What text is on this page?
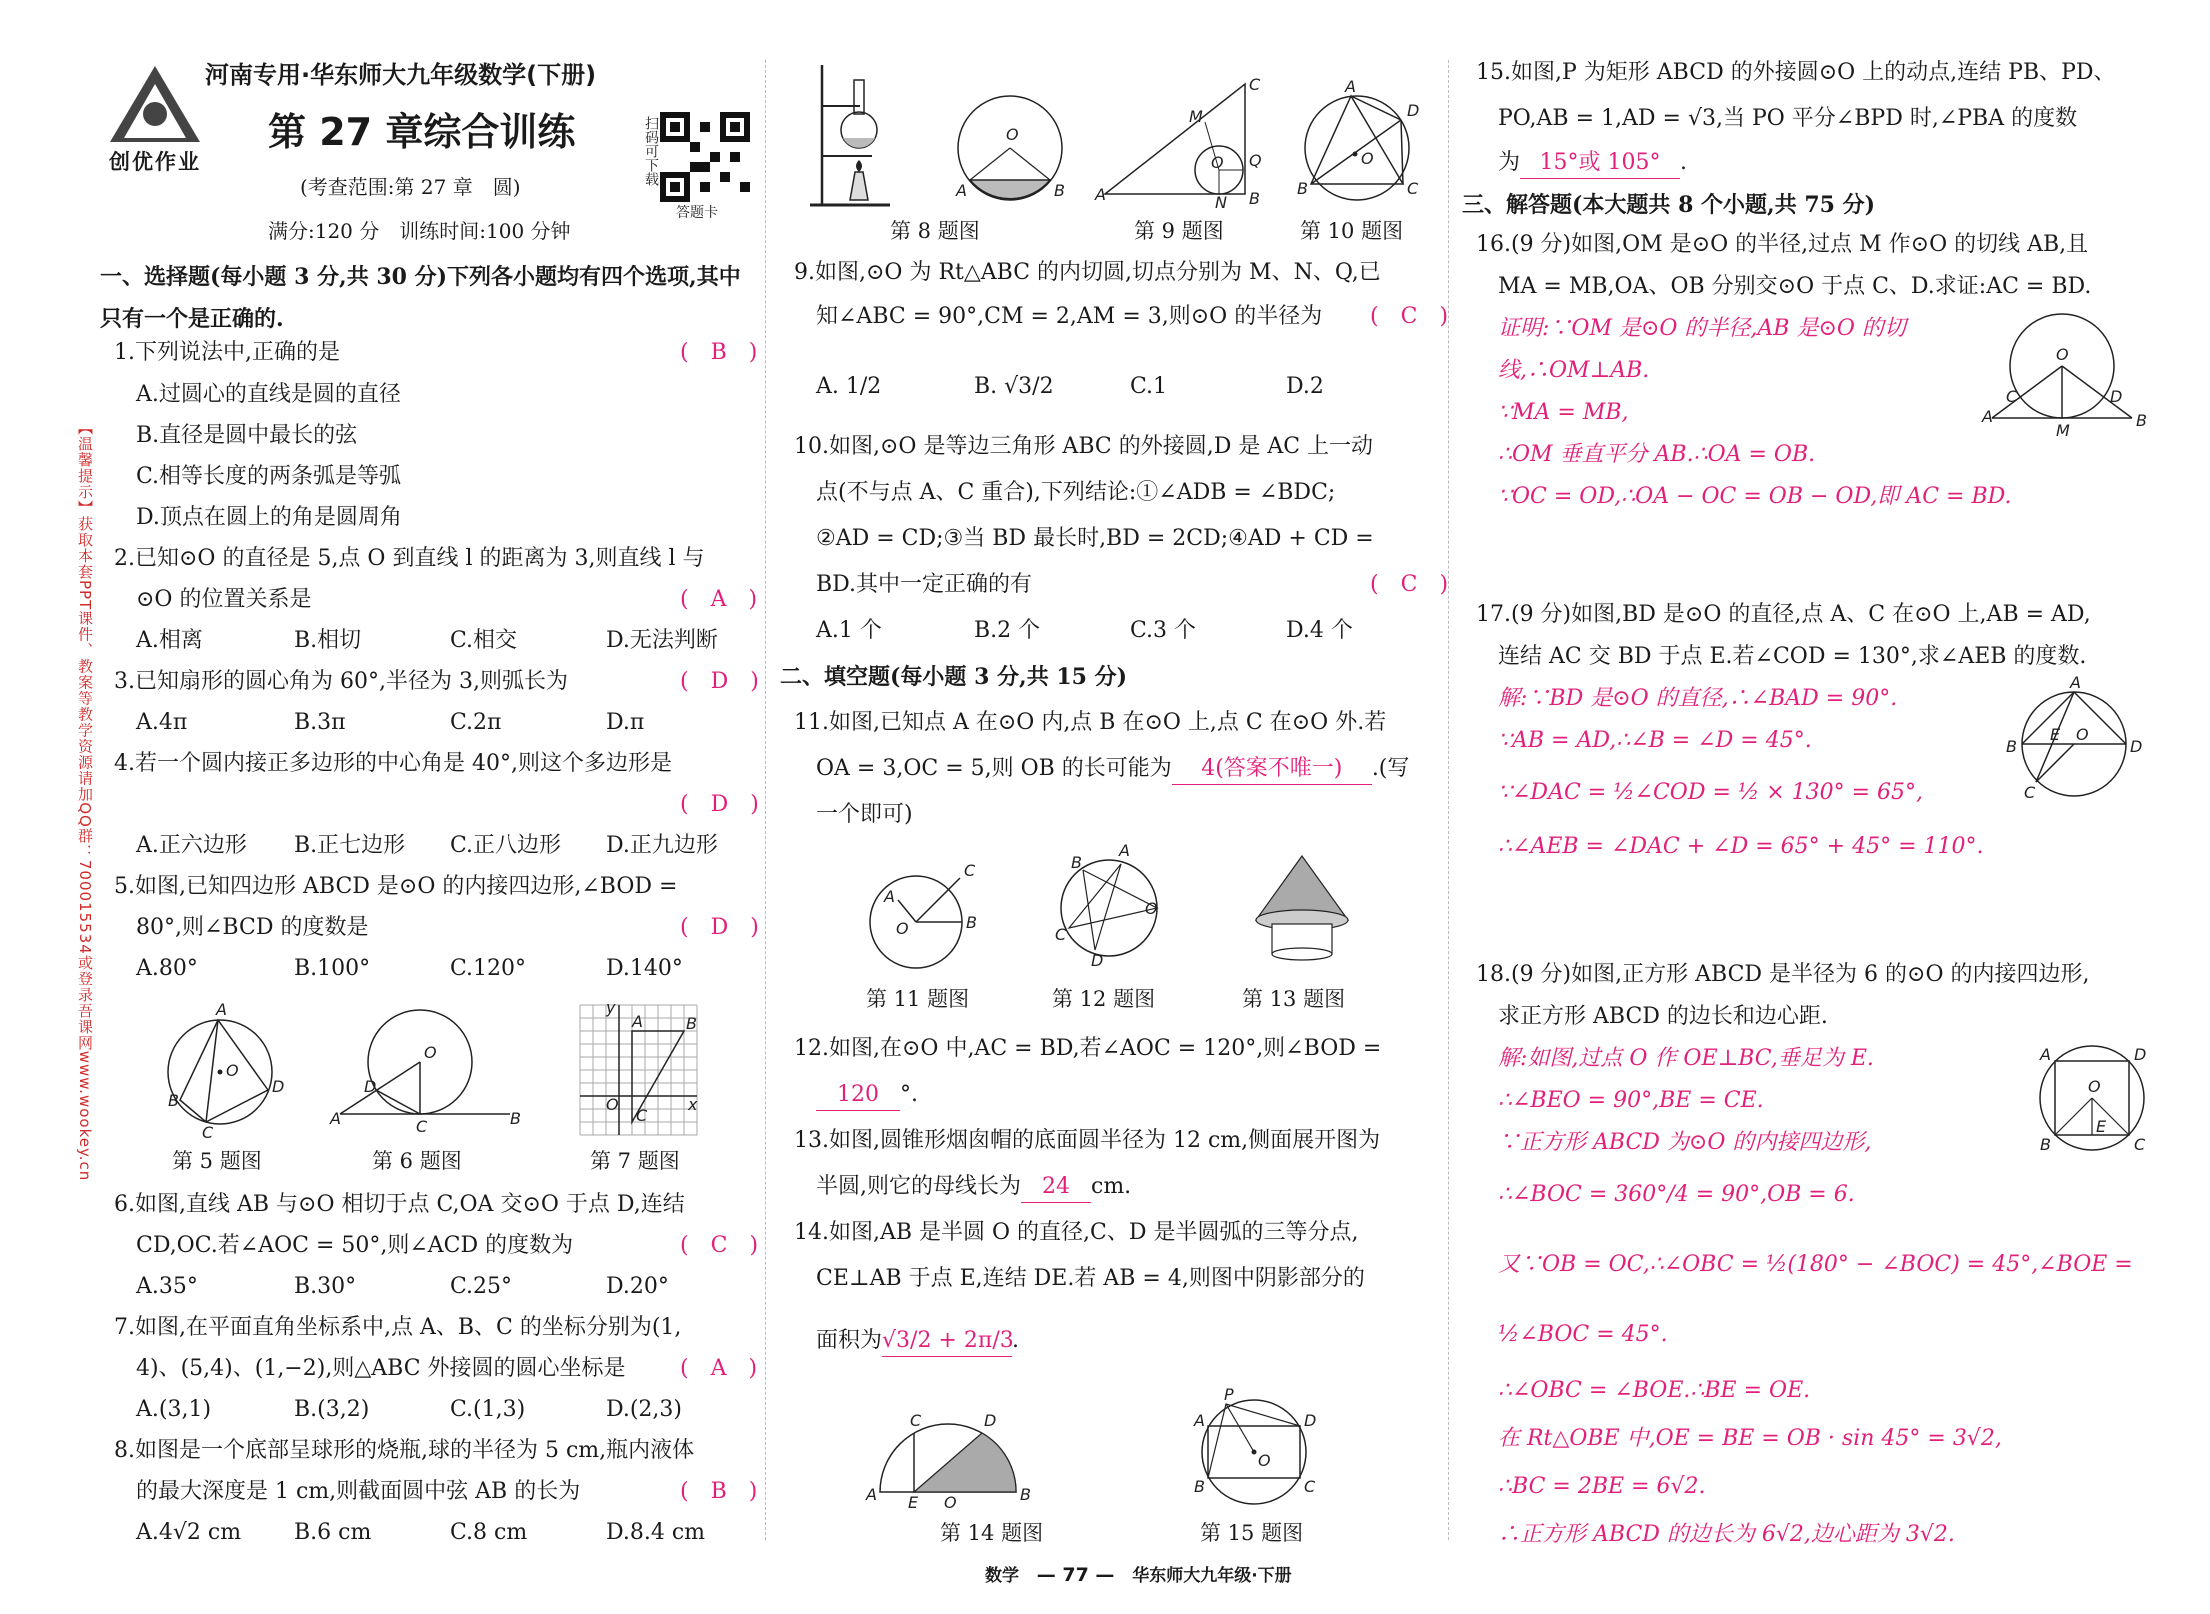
创优作业
河南专用·华东师大九年级数学(下册)
第 27 章综合训练
(考查范围:第 27 章　圆)
满分:120 分　训练时间:100 分钟
扫码可下载
答题卡
【温馨提示】获取本套PPT课件、教案等教学资源请加QQ群：700015534或登录吾课网www.wookey.cn
一、选择题(每小题 3 分,共 30 分)下列各小题均有四个选项,其中只有一个是正确的.
1.下列说法中,正确的是	(　B　)
A.过圆心的直线是圆的直径
B.直径是圆中最长的弦
C.相等长度的两条弧是等弧
D.顶点在圆上的角是圆周角
2.已知⊙O 的直径是 5,点 O 到直线 l 的距离为 3,则直线 l 与
⊙O 的位置关系是	(　A　)
A.相离	B.相切	C.相交	D.无法判断
3.已知扇形的圆心角为 60°,半径为 3,则弧长为	(　D　)
A.4π	B.3π	C.2π	D.π
4.若一个圆内接正多边形的中心角是 40°,则这个多边形是
(　D　)
A.正六边形 B.正七边形 C.正八边形 D.正九边形
5.如图,已知四边形 ABCD 是⊙O 的内接四边形,∠BOD =
80°,则∠BCD 的度数是	(　D　)
A.80°	B.100°	C.120°	D.140°
A
D
O
B
C
O
A
D
C	B
y
A	B
C
O	x
第 5 题图	第 6 题图	第 7 题图
6.如图,直线 AB 与⊙O 相切于点 C,OA 交⊙O 于点 D,连结
CD,OC.若∠AOC = 50°,则∠ACD 的度数为	(　C　)
A.35°	B.30°	C.25°	D.20°
7.如图,在平面直角坐标系中,点 A、B、C 的坐标分别为(1,
4)、(5,4)、(1,−2),则△ABC 外接圆的圆心坐标是 (　A　)
A.(3,1)	B.(3,2)	C.(1,3)	D.(2,3)
8.如图是一个底部呈球形的烧瓶,球的半径为 5 cm,瓶内液体
的最大深度是 1 cm,则截面圆中弦 AB 的长为	(　B　)
A.4√2 cm B.6 cm	C.8 cm	D.8.4 cm
O
A	B A
C
B
M
O Q
N
A
D
O
B	C
第 8 题图	第 9 题图	第 10 题图
9.如图,⊙O 为 Rt△ABC 的内切圆,切点分别为 M、N、Q,已
知∠ABC = 90°,CM = 2,AM = 3,则⊙O 的半径为 (　C　)
A. 1/2	B. √3/2	C.1	D.2
10.如图,⊙O 是等边三角形 ABC 的外接圆,D 是 AC 上一动
点(不与点 A、C 重合),下列结论:①∠ADB = ∠BDC;
②AD = CD;③当 BD 最长时,BD = 2CD;④AD + CD =
BD.其中一定正确的有	(　C　)
A.1 个	B.2 个	C.3 个	D.4 个
二、填空题(每小题 3 分,共 15 分)
11.如图,已知点 A 在⊙O 内,点 B 在⊙O 上,点 C 在⊙O 外.若
OA = 3,OC = 5,则 OB 的长可能为 4(答案不唯一) .(写
一个即可)
A
C
B
O
B
A
C
D
O
第 11 题图	第 12 题图	第 13 题图
12.如图,在⊙O 中,AC = BD,若∠AOC = 120°,则∠BOD =
120 °.
13.如图,圆锥形烟囱帽的底面圆半径为 12 cm,侧面展开图为
半圆,则它的母线长为 24 cm.
14.如图,AB 是半圆 O 的直径,C、D 是半圆弧的三等分点,
CE⊥AB 于点 E,连结 DE.若 AB = 4,则图中阴影部分的
面积为√3/2 + 2π/3.
C	D
A E O	B
P
A	D
O
B	C
第 14 题图	第 15 题图
15.如图,P 为矩形 ABCD 的外接圆⊙O 上的动点,连结 PB、PD、
PO,AB = 1,AD = √3,当 PO 平分∠BPD 时,∠PBA 的度数
为 15°或 105° .
三、解答题(本大题共 8 个小题,共 75 分)
16.(9 分)如图,OM 是⊙O 的半径,过点 M 作⊙O 的切线 AB,且
MA = MB,OA、OB 分别交⊙O 于点 C、D.求证:AC = BD.
证明:∵OM 是⊙O 的半径,AB 是⊙O 的切
线,∴OM⊥AB.
∵MA = MB,
∴OM 垂直平分 AB.∴OA = OB.
∵OC = OD,∴OA − OC = OB − OD,即 AC = BD.
O
A
C	D
B
M
17.(9 分)如图,BD 是⊙O 的直径,点 A、C 在⊙O 上,AB = AD,
连结 AC 交 BD 于点 E.若∠COD = 130°,求∠AEB 的度数.
解:∵BD 是⊙O 的直径,∴∠BAD = 90°.
∵AB = AD,∴∠B = ∠D = 45°.
∵∠DAC = ½∠COD = ½ × 130° = 65°,
∴∠AEB = ∠DAC + ∠D = 65° + 45° = 110°.
A
B	D
E O
C
18.(9 分)如图,正方形 ABCD 是半径为 6 的⊙O 的内接四边形,
求正方形 ABCD 的边长和边心距.
解:如图,过点 O 作 OE⊥BC,垂足为 E.
∴∠BEO = 90°,BE = CE.
∵正方形 ABCD 为⊙O 的内接四边形,
∴∠BOC = 360°/4 = 90°,OB = 6.
又∵OB = OC,∴∠OBC = ½(180° − ∠BOC) = 45°,∠BOE =
½∠BOC = 45°.
∴∠OBC = ∠BOE.∴BE = OE.
在 Rt△OBE 中,OE = BE = OB · sin 45° = 3√2,
∴BC = 2BE = 6√2.
∴正方形 ABCD 的边长为 6√2,边心距为 3√2.
A	D
O
B	C
E
数学 — 77 — 华东师大九年级·下册
